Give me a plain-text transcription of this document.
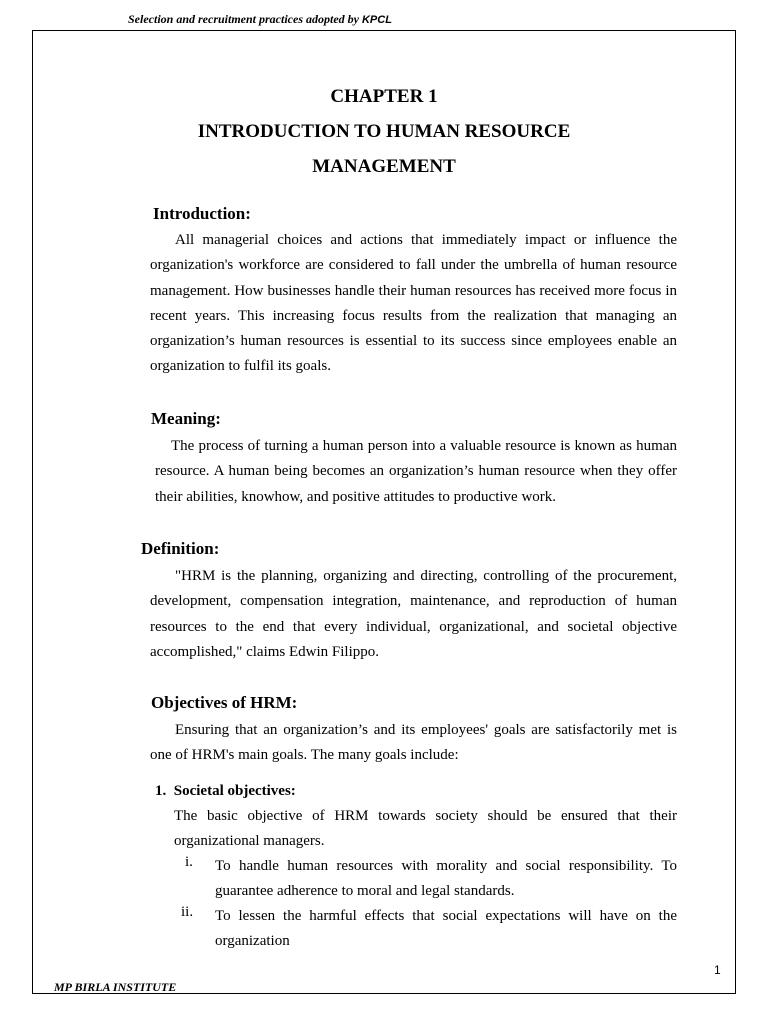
Selection and recruitment practices adopted by KPCL
CHAPTER 1
INTRODUCTION TO HUMAN RESOURCE
MANAGEMENT
Introduction:

All managerial choices and actions that immediately impact or influence the organization's workforce are considered to fall under the umbrella of human resource management. How businesses handle their human resources has received more focus in recent years. This increasing focus results from the realization that managing an organization’s human resources is essential to its success since employees enable an organization to fulfil its goals.

Meaning:

The process of turning a human person into a valuable resource is known as human resource. A human being becomes an organization’s human resource when they offer their abilities, knowhow, and positive attitudes to productive work.

Definition:

"HRM is the planning, organizing and directing, controlling of the procurement, development, compensation integration, maintenance, and reproduction of human resources to the end that every individual, organizational, and societal objective accomplished," claims Edwin Filippo.

Objectives of HRM:

Ensuring that an organization’s and its employees' goals are satisfactorily met is one of HRM's main goals. The many goals include:

1. Societal objectives:

The basic objective of HRM towards society should be ensured that their organizational managers.

i. To handle human resources with morality and social responsibility. To guarantee adherence to moral and legal standards.

ii. To lessen the harmful effects that social expectations will have on the organization

1
MP BIRLA INSTITUTE
